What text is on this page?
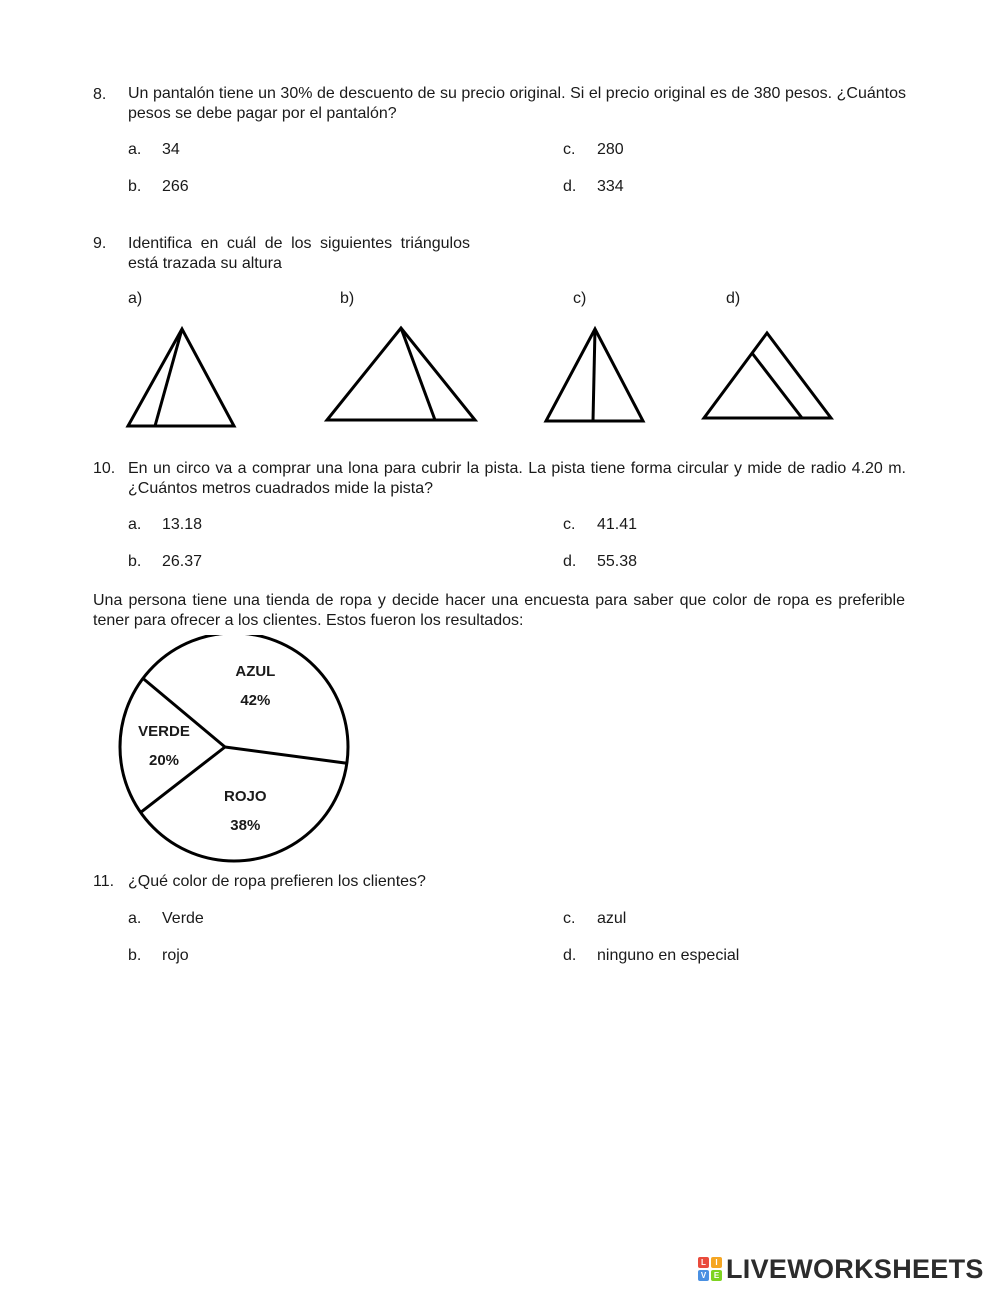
8. Un pantalón tiene un 30% de descuento de su precio original. Si el precio original es de 380 pesos. ¿Cuántos pesos se debe pagar por el pantalón?
a. 34	c. 280
b. 266	d. 334
9. Identifica en cuál de los siguientes triángulos está trazada su altura
a)	b)	c)	d)
10. En un circo va a comprar una lona para cubrir la pista. La pista tiene forma circular y mide de radio 4.20 m. ¿Cuántos metros cuadrados mide la pista?
a. 13.18	c. 41.41
b. 26.37	d. 55.38
Una persona tiene una tienda de ropa y decide hacer una encuesta para saber que color de ropa es preferible tener para ofrecer a los clientes. Estos fueron los resultados:
AZUL
42%
ROJO
38%
VERDE
20%
11. ¿Qué color de ropa prefieren los clientes?
a. Verde	c. azul
b. rojo	d. ninguno en especial
L	I
V E LIVEWORKSHEETS
